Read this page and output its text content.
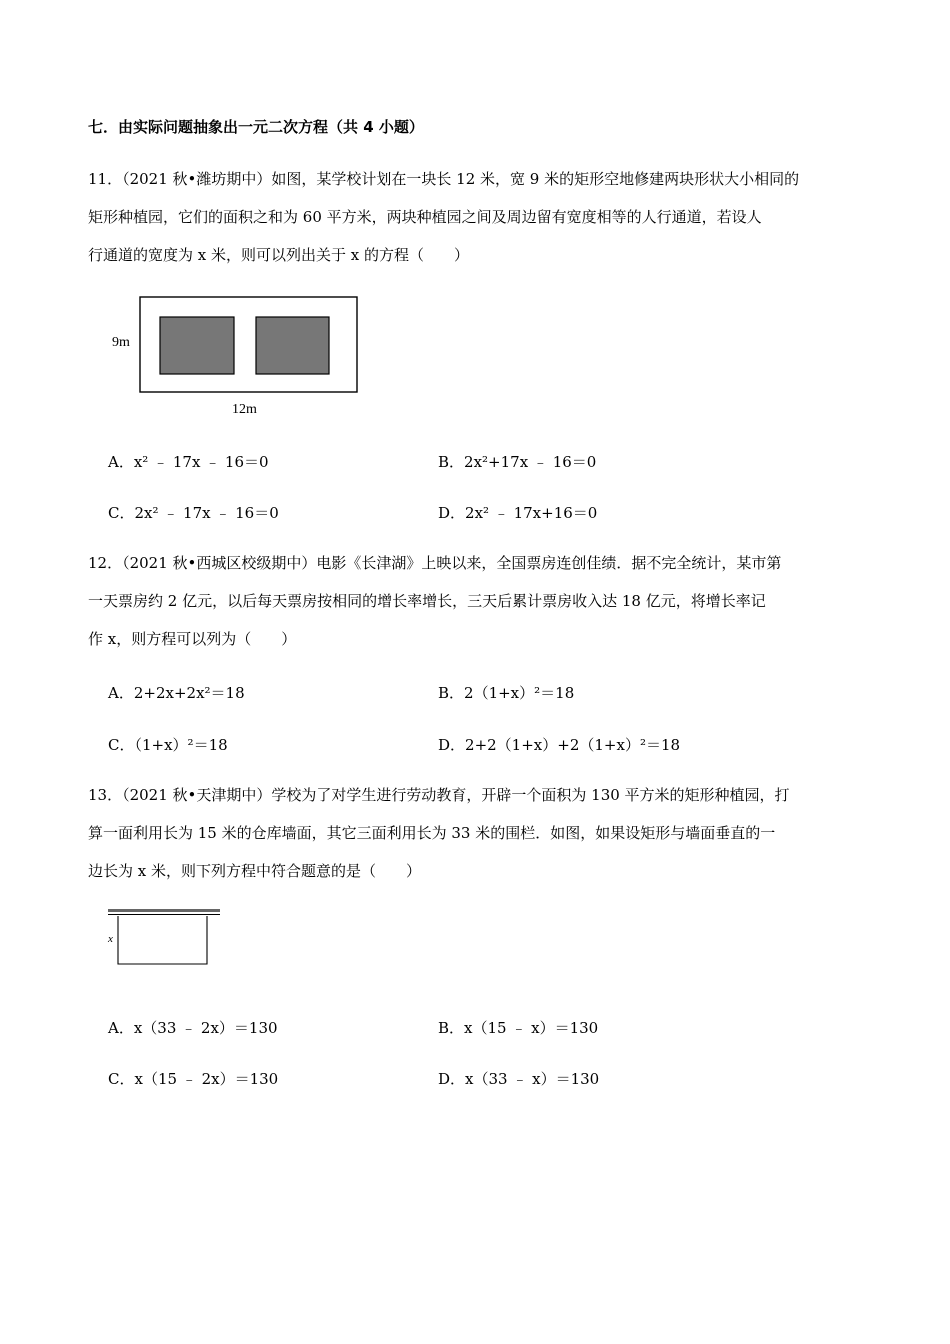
七．由实际问题抽象出一元二次方程（共 4 小题）
11．（2021 秋•潍坊期中）如图，某学校计划在一块长 12 米，宽 9 米的矩形空地修建两块形状大小相同的
矩形种植园，它们的面积之和为 60 平方米，两块种植园之间及周边留有宽度相等的人行通道，若设人
行通道的宽度为 x 米，则可以列出关于 x 的方程（　　）
9m
12m
A．x² ﹣ 17x ﹣ 16＝0	B．2x²+17x ﹣ 16＝0
C．2x² ﹣ 17x ﹣ 16＝0	D．2x² ﹣ 17x+16＝0
12．（2021 秋•西城区校级期中）电影《长津湖》上映以来，全国票房连创佳绩．据不完全统计，某市第
一天票房约 2 亿元，以后每天票房按相同的增长率增长，三天后累计票房收入达 18 亿元，将增长率记
作 x，则方程可以列为（　　）
A．2+2x+2x²＝18	B．2（1+x）²＝18
C．（1+x）²＝18	D．2+2（1+x）+2（1+x）²＝18
13．（2021 秋•天津期中）学校为了对学生进行劳动教育，开辟一个面积为 130 平方米的矩形种植园，打
算一面利用长为 15 米的仓库墙面，其它三面利用长为 33 米的围栏．如图，如果设矩形与墙面垂直的一
边长为 x 米，则下列方程中符合题意的是（　　）
x
A．x（33 ﹣ 2x）＝130	B．x（15 ﹣ x）＝130
C．x（15 ﹣ 2x）＝130	D．x（33 ﹣ x）＝130
